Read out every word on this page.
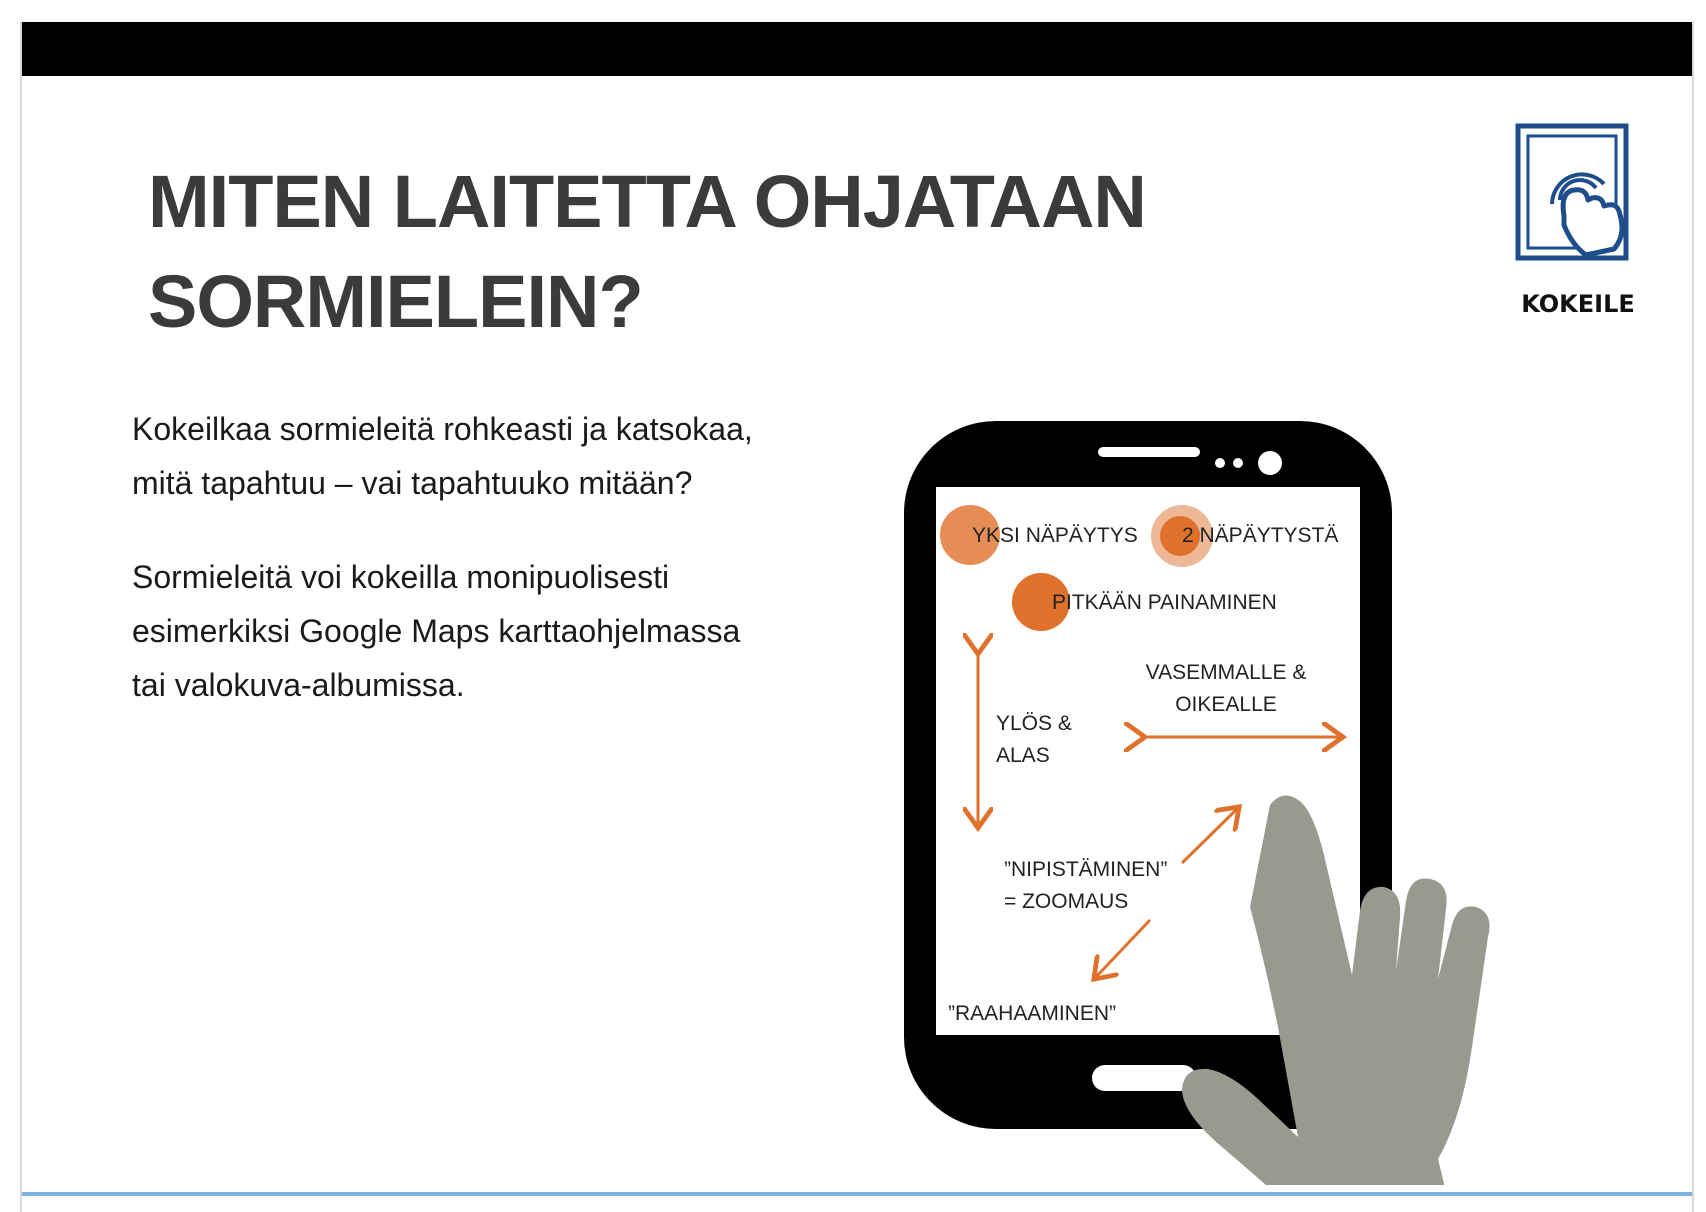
MITEN LAITETTA OHJATAAN
SORMIELEIN?	KOKEILE

Kokeilkaa sormieleitä rohkeasti ja katsokaa, mitä tapahtuu – vai tapahtuuko mitään?

Sormieleitä voi kokeilla monipuolisesti esimerkiksi Google Maps karttaohjelmassa tai valokuva-albumissa.

YKSI NÄPÄYTYS 2 NÄPÄYTYSTÄ
PITKÄÄN PAINAMINEN
YLÖS &
ALAS
VASEMMALLE &
OIKEALLE
”NIPISTÄMINEN”
= ZOOMAUS
”RAAHAAMINEN”
